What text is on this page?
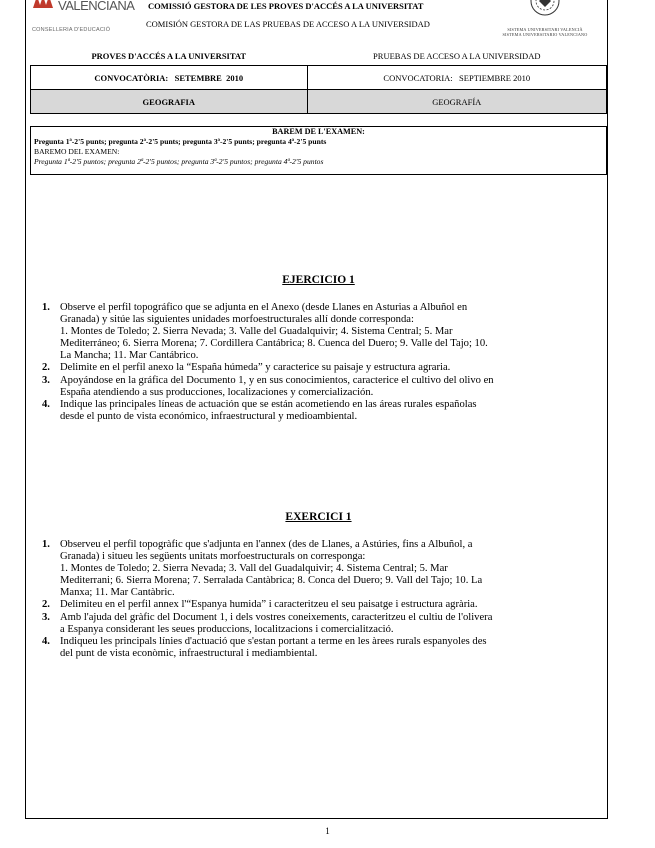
VALENCIANA
CONSELLERIA D'EDUCACIÓ
COMISSIÓ GESTORA DE LES PROVES D'ACCÉS A LA UNIVERSITAT
COMISIÓN GESTORA DE LAS PRUEBAS DE ACCESO A LA UNIVERSIDAD
SISTEMA UNIVERSITARI VALENCIÀ
SISTEMA UNIVERSITARIO VALENCIANO
PROVES D'ACCÉS A LA UNIVERSITAT	PRUEBAS DE ACCESO A LA UNIVERSIDAD
CONVOCATÒRIA:   SETEMBRE  2010	CONVOCATORIA:   SEPTIEMBRE 2010
GEOGRAFIA	GEOGRAFÍA
BAREM DE L'EXAMEN:
Pregunta 1ª-2'5 punts; pregunta 2ª-2'5 punts; pregunta 3ª-2'5 punts; pregunta 4ª-2'5 punts
BAREMO DEL EXAMEN:
Pregunta 1ª-2'5 puntos; pregunta 2ª-2'5 puntos; pregunta 3ª-2'5 puntos; pregunta 4ª-2'5 puntos
EJERCICIO 1
1. Observe el perfil topográfico que se adjunta en el Anexo (desde Llanes en Asturias a Albuñol en
Granada) y sitúe las siguientes unidades morfoestructurales allí donde corresponda:
1. Montes de Toledo; 2. Sierra Nevada; 3. Valle del Guadalquivir; 4. Sistema Central; 5. Mar
Mediterráneo; 6. Sierra Morena; 7. Cordillera Cantábrica; 8. Cuenca del Duero; 9. Valle del Tajo; 10.
La Mancha; 11. Mar Cantábrico.
2. Delimite en el perfil anexo la “España húmeda” y caracterice su paisaje y estructura agraria.
3. Apoyándose en la gráfica del Documento 1, y en sus conocimientos, caracterice el cultivo del olivo en
España atendiendo a sus producciones, localizaciones y comercialización.
4. Indique las principales líneas de actuación que se están acometiendo en las áreas rurales españolas
desde el punto de vista económico, infraestructural y medioambiental.
EXERCICI 1
1. Observeu el perfil topogràfic que s'adjunta en l'annex (des de Llanes, a Astúries, fins a Albuñol, a
Granada) i situeu les següents unitats morfoestructurals on corresponga:
1. Montes de Toledo; 2. Sierra Nevada; 3. Vall del Guadalquivir; 4. Sistema Central; 5. Mar
Mediterrani; 6. Sierra Morena; 7. Serralada Cantàbrica; 8. Conca del Duero; 9. Vall del Tajo; 10. La
Manxa; 11. Mar Cantàbric.
2. Delimiteu en el perfil annex l'“Espanya humida” i caracteritzeu el seu paisatge i estructura agrària.
3. Amb l'ajuda del gràfic del Document 1, i dels vostres coneixements, caracteritzeu el cultiu de l'olivera
a Espanya considerant les seues produccions, localitzacions i comercialització.
4. Indiqueu les principals línies d'actuació que s'estan portant a terme en les àrees rurals espanyoles des
del punt de vista econòmic, infraestructural i mediambiental.
1
